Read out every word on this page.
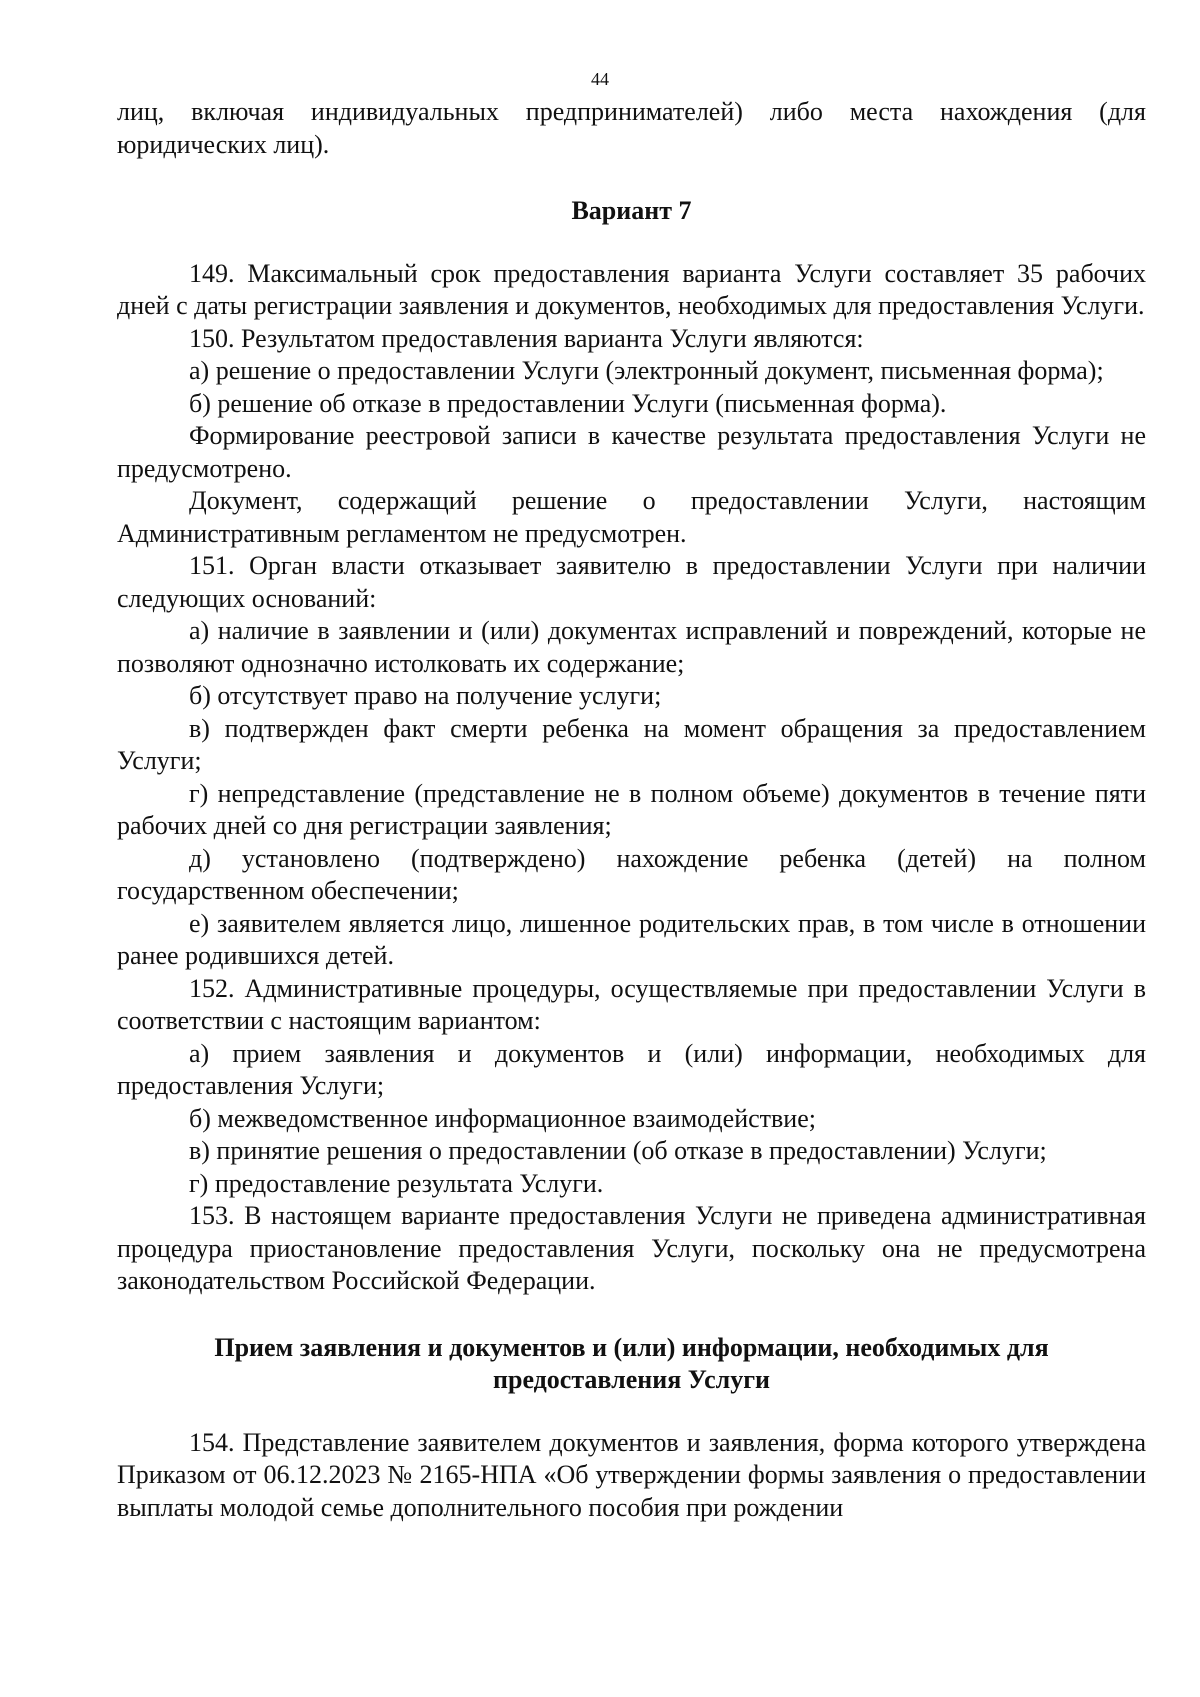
44

лиц, включая индивидуальных предпринимателей) либо места нахождения (для юридических лиц).

Вариант 7

149. Максимальный срок предоставления варианта Услуги составляет 35 рабочих дней с даты регистрации заявления и документов, необходимых для предоставления Услуги.

150. Результатом предоставления варианта Услуги являются:

а) решение о предоставлении Услуги (электронный документ, письменная форма);

б) решение об отказе в предоставлении Услуги (письменная форма).

Формирование реестровой записи в качестве результата предоставления Услуги не предусмотрено.

Документ, содержащий решение о предоставлении Услуги, настоящим Административным регламентом не предусмотрен.

151. Орган власти отказывает заявителю в предоставлении Услуги при наличии следующих оснований:

а) наличие в заявлении и (или) документах исправлений и повреждений, которые не позволяют однозначно истолковать их содержание;

б) отсутствует право на получение услуги;

в) подтвержден факт смерти ребенка на момент обращения за предоставлением Услуги;

г) непредставление (представление не в полном объеме) документов в течение пяти рабочих дней со дня регистрации заявления;

д) установлено (подтверждено) нахождение ребенка (детей) на полном государственном обеспечении;

е) заявителем является лицо, лишенное родительских прав, в том числе в отношении ранее родившихся детей.

152. Административные процедуры, осуществляемые при предоставлении Услуги в соответствии с настоящим вариантом:

а) прием заявления и документов и (или) информации, необходимых для предоставления Услуги;

б) межведомственное информационное взаимодействие;

в) принятие решения о предоставлении (об отказе в предоставлении) Услуги;

г) предоставление результата Услуги.

153. В настоящем варианте предоставления Услуги не приведена административная процедура приостановление предоставления Услуги, поскольку она не предусмотрена законодательством Российской Федерации.

Прием заявления и документов и (или) информации, необходимых для предоставления Услуги

154. Представление заявителем документов и заявления, форма которого утверждена Приказом от 06.12.2023 № 2165-НПА «Об утверждении формы заявления о предоставлении выплаты молодой семье дополнительного пособия при рождении
